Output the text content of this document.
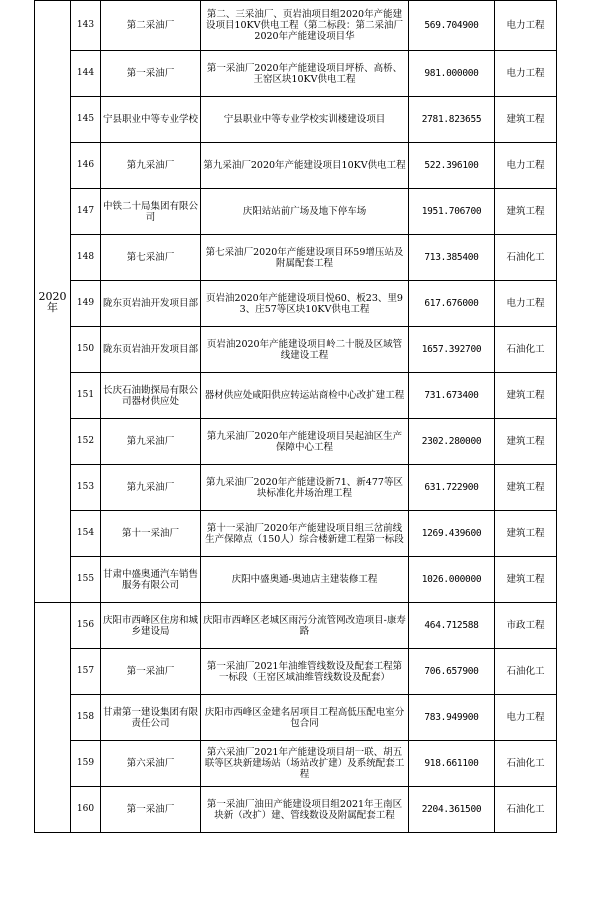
2020年	143	第二采油厂	第二、三采油厂、页岩油项目组2020年产能建设项目10KV供电工程（第二标段：第二采油厂2020年产能建设项目华	569.704900	电力工程
	144	第一采油厂	第一采油厂2020年产能建设项目坪桥、高桥、王窑区块10KV供电工程	981.000000	电力工程
	145	宁县职业中等专业学校	宁县职业中等专业学校实训楼建设项目	2781.823655	建筑工程
	146	第九采油厂	第九采油厂2020年产能建设项目10KV供电工程	522.396100	电力工程
	147	中铁二十局集团有限公司	庆阳站站前广场及地下停车场	1951.706700	建筑工程
	148	第七采油厂	第七采油厂2020年产能建设项目环59增压站及附属配套工程	713.385400	石油化工
	149	陇东页岩油开发项目部	页岩油2020年产能建设项目悦60、板23、里93、庄57等区块10KV供电工程	617.676000	电力工程
	150	陇东页岩油开发项目部	页岩油2020年产能建设项目岭二十脱及区域管线建设工程	1657.392700	石油化工
	151	长庆石油勘探局有限公司器材供应处	器材供应处咸阳供应转运站商检中心改扩建工程	731.673400	建筑工程
	152	第九采油厂	第九采油厂2020年产能建设项目吴起油区生产保障中心工程	2302.280000	建筑工程
	153	第九采油厂	第九采油厂2020年产能建设新71、新477等区块标准化井场治理工程	631.722900	建筑工程
	154	第十一采油厂	第十一采油厂2020年产能建设项目组三岔前线生产保障点（150人）综合楼新建工程第一标段	1269.439600	建筑工程
	155	甘肃中盛奥通汽车销售服务有限公司	庆阳中盛奥通-奥迪店主建装修工程	1026.000000	建筑工程
	156	庆阳市西峰区住房和城乡建设局	庆阳市西峰区老城区雨污分流管网改造项目-康寿路	464.712588	市政工程
	157	第一采油厂	第一采油厂2021年油维管线数设及配套工程第一标段（王窑区域油维管线数设及配套）	706.657900	石油化工
	158	甘肃第一建设集团有限责任公司	庆阳市西峰区金建名居项目工程高低压配电室分包合同	783.949900	电力工程
	159	第六采油厂	第六采油厂2021年产能建设项目胡一联、胡五联等区块新建场站（场站改扩建）及系统配套工程	918.661100	石油化工
	160	第一采油厂	第一采油厂油田产能建设项目组2021年王南区块新（改扩）建、管线数设及附属配套工程	2204.361500	石油化工
